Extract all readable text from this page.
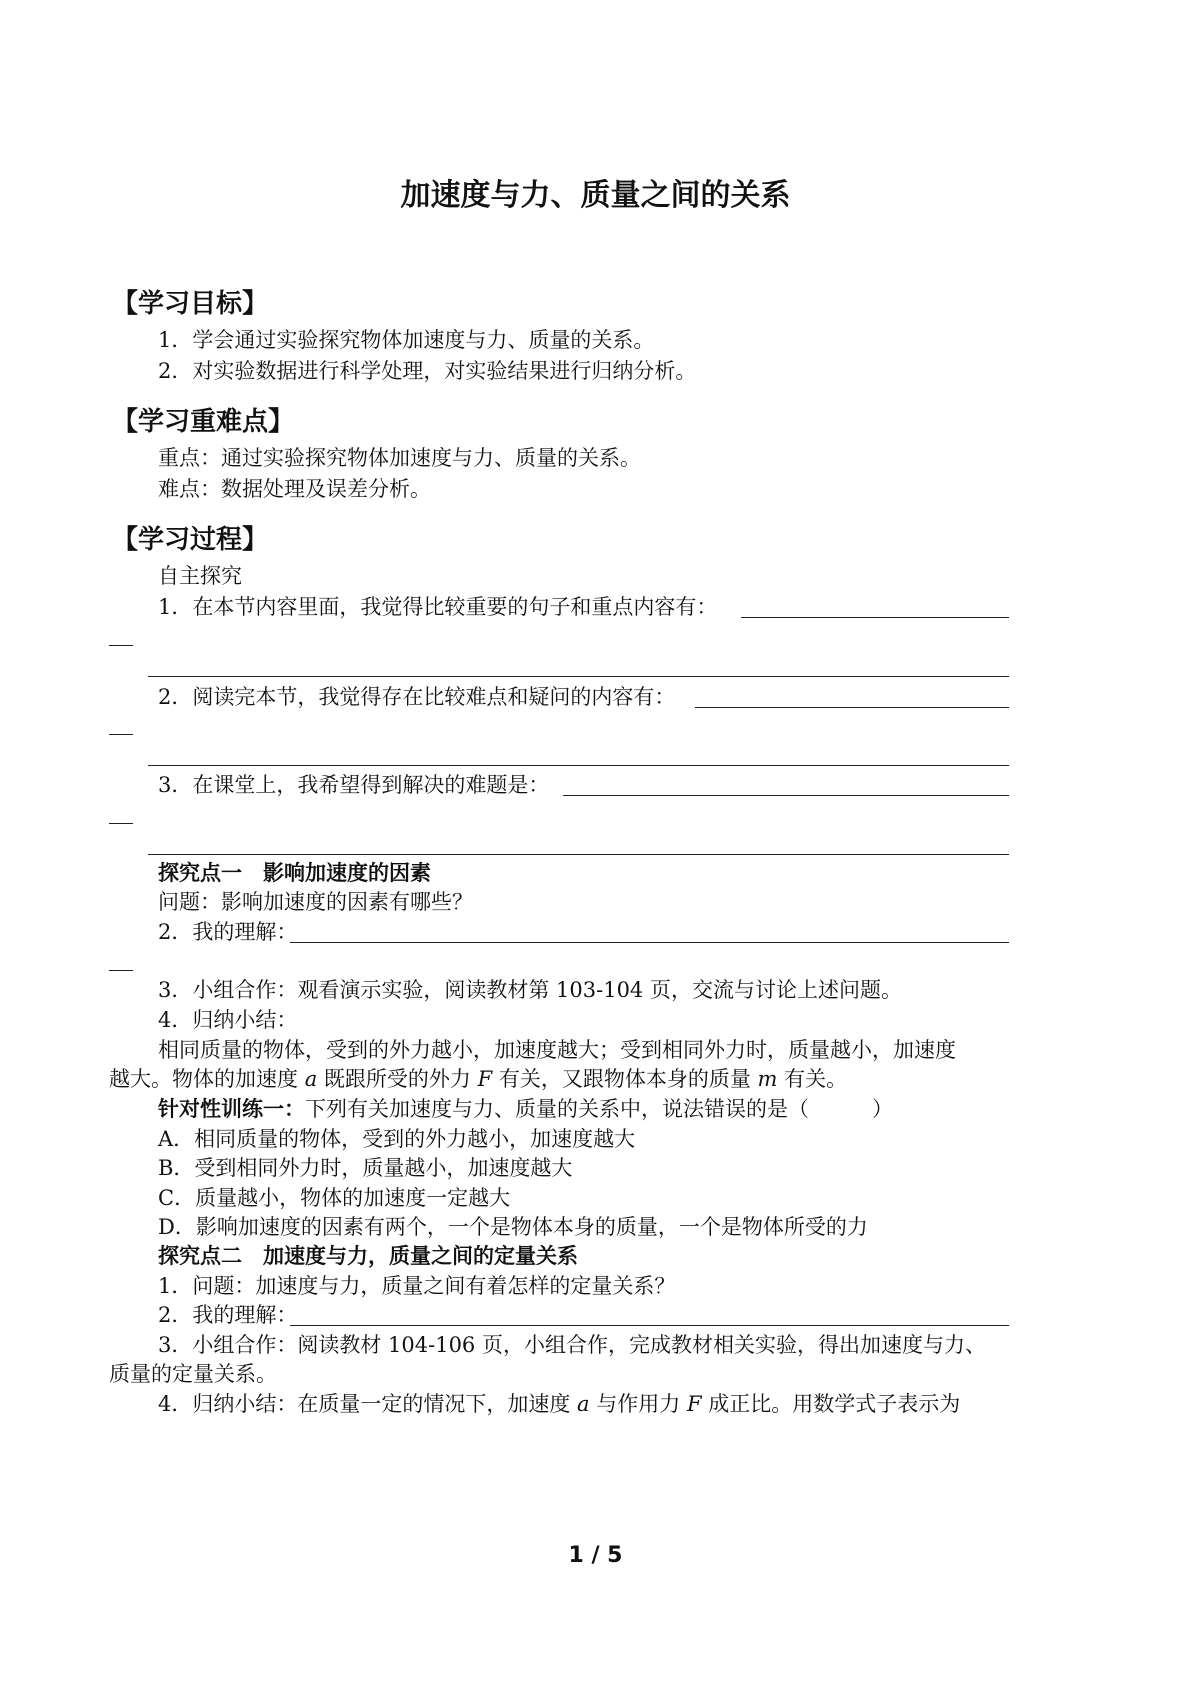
加速度与力、质量之间的关系
【学习目标】
1．学会通过实验探究物体加速度与力、质量的关系。
2．对实验数据进行科学处理，对实验结果进行归纳分析。
【学习重难点】
重点：通过实验探究物体加速度与力、质量的关系。
难点：数据处理及误差分析。
【学习过程】
自主探究
1．在本节内容里面，我觉得比较重要的句子和重点内容有：
2．阅读完本节，我觉得存在比较难点和疑问的内容有：
3．在课堂上，我希望得到解决的难题是：
探究点一　影响加速度的因素
问题：影响加速度的因素有哪些？
2．我的理解：
3．小组合作：观看演示实验，阅读教材第 103-104 页，交流与讨论上述问题。
4．归纳小结：
相同质量的物体，受到的外力越小，加速度越大；受到相同外力时，质量越小，加速度
越大。物体的加速度 a 既跟所受的外力 F 有关，又跟物体本身的质量 m 有关。
针对性训练一：下列有关加速度与力、质量的关系中，说法错误的是（　　　）
A．相同质量的物体，受到的外力越小，加速度越大
B．受到相同外力时，质量越小，加速度越大
C．质量越小，物体的加速度一定越大
D．影响加速度的因素有两个，一个是物体本身的质量，一个是物体所受的力
探究点二　加速度与力，质量之间的定量关系
1．问题：加速度与力，质量之间有着怎样的定量关系？
2．我的理解：
3．小组合作：阅读教材 104-106 页，小组合作，完成教材相关实验，得出加速度与力、
质量的定量关系。
4．归纳小结：在质量一定的情况下，加速度 a 与作用力 F 成正比。用数学式子表示为
1 / 5
